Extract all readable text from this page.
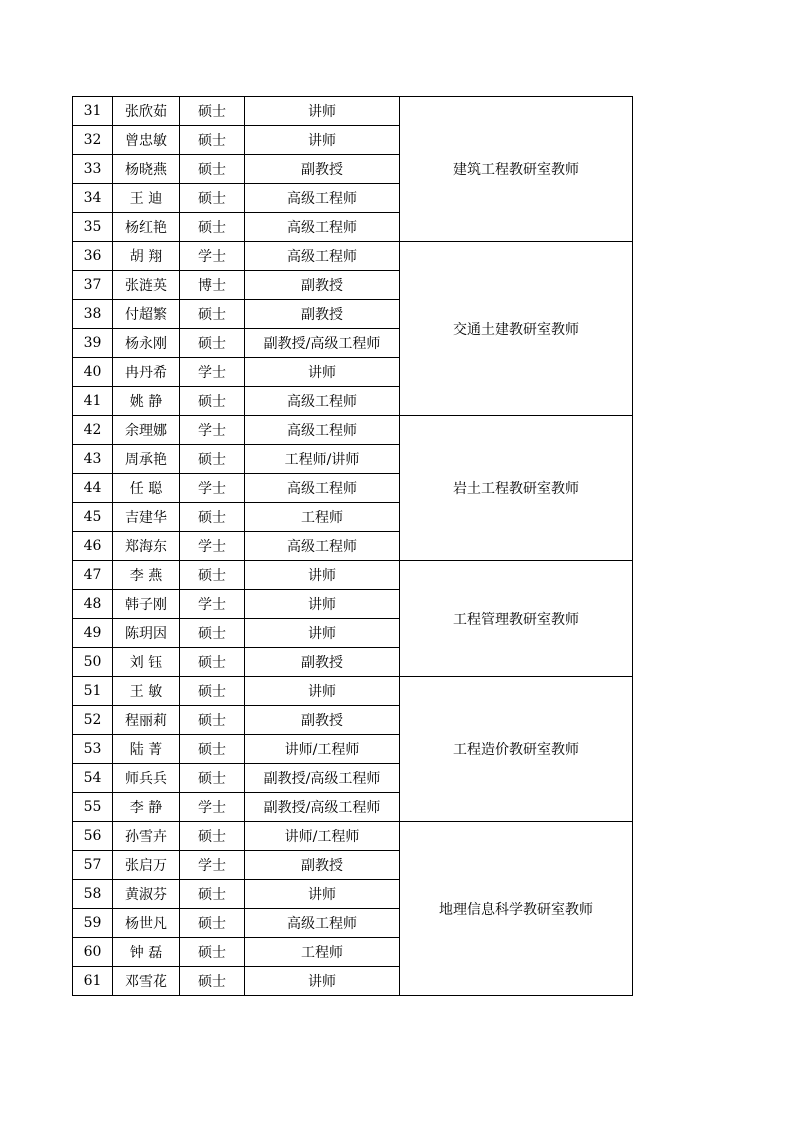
31	张欣茹	硕士	讲师	建筑工程教研室教师
32	曾忠敏	硕士	讲师	
33	杨晓燕	硕士	副教授	
34	王 迪	硕士	高级工程师	
35	杨红艳	硕士	高级工程师	
36	胡 翔	学士	高级工程师	交通土建教研室教师
37	张涟英	博士	副教授	
38	付超繁	硕士	副教授	
39	杨永刚	硕士	副教授/高级工程师	
40	冉丹希	学士	讲师	
41	姚 静	硕士	高级工程师	
42	余理娜	学士	高级工程师	岩土工程教研室教师
43	周承艳	硕士	工程师/讲师	
44	任 聪	学士	高级工程师	
45	吉建华	硕士	工程师	
46	郑海东	学士	高级工程师	
47	李 燕	硕士	讲师	工程管理教研室教师
48	韩子刚	学士	讲师	
49	陈玥因	硕士	讲师	
50	刘 钰	硕士	副教授	
51	王 敏	硕士	讲师	工程造价教研室教师
52	程丽莉	硕士	副教授	
53	陆 菁	硕士	讲师/工程师	
54	师兵兵	硕士	副教授/高级工程师	
55	李 静	学士	副教授/高级工程师	
56	孙雪卉	硕士	讲师/工程师	地理信息科学教研室教师
57	张启万	学士	副教授	
58	黄淑芬	硕士	讲师	
59	杨世凡	硕士	高级工程师	
60	钟 磊	硕士	工程师	
61	邓雪花	硕士	讲师	
